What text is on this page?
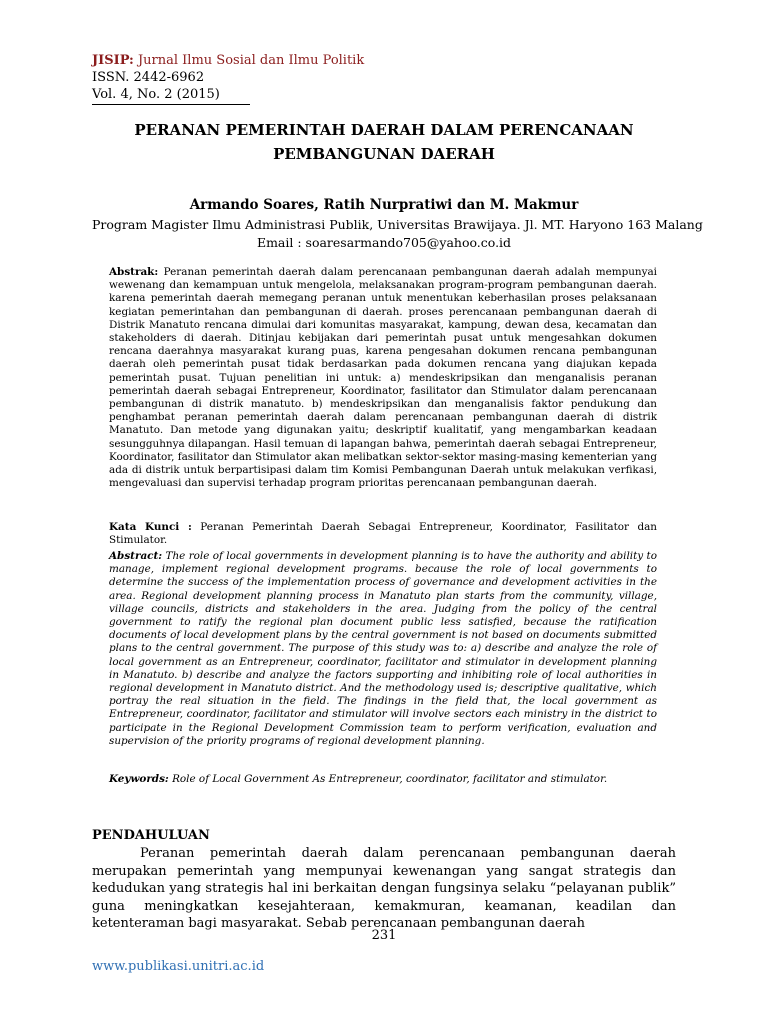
JISIP: Jurnal Ilmu Sosial dan Ilmu Politik
ISSN. 2442-6962
Vol. 4, No. 2 (2015)
PERANAN PEMERINTAH DAERAH DALAM PERENCANAAN PEMBANGUNAN DAERAH
Armando Soares, Ratih Nurpratiwi dan M. Makmur
Program Magister Ilmu Administrasi Publik, Universitas Brawijaya. Jl. MT. Haryono 163 Malang
Email : soaresarmando705@yahoo.co.id
Abstrak: Peranan pemerintah daerah dalam perencanaan pembangunan daerah adalah mempunyai wewenang dan kemampuan untuk mengelola, melaksanakan program-program pembangunan daerah. karena pemerintah daerah memegang peranan untuk menentukan keberhasilan proses pelaksanaan kegiatan pemerintahan dan pembangunan di daerah. proses perencanaan pembangunan daerah di Distrik Manatuto rencana dimulai dari komunitas masyarakat, kampung, dewan desa, kecamatan dan stakeholders di daerah. Ditinjau kebijakan dari pemerintah pusat untuk mengesahkan dokumen rencana daerahnya masyarakat kurang puas, karena pengesahan dokumen rencana pembangunan daerah oleh pemerintah pusat tidak berdasarkan pada dokumen rencana yang diajukan kepada pemerintah pusat. Tujuan penelitian ini untuk: a) mendeskripsikan dan menganalisis peranan pemerintah daerah sebagai Entrepreneur, Koordinator, fasilitator dan Stimulator dalam perencanaan pembangunan di distrik manatuto. b) mendeskripsikan dan menganalisis faktor pendukung dan penghambat peranan pemerintah daerah dalam perencanaan pembangunan daerah di distrik Manatuto. Dan metode yang digunakan yaitu; deskriptif kualitatif, yang mengambarkan keadaan sesungguhnya dilapangan. Hasil temuan di lapangan bahwa, pemerintah daerah sebagai Entrepreneur, Koordinator, fasilitator dan Stimulator akan melibatkan sektor-sektor masing-masing kementerian yang ada di distrik untuk berpartisipasi dalam tim Komisi Pembangunan Daerah untuk melakukan verfikasi, mengevaluasi dan supervisi terhadap program prioritas perencanaan pembangunan daerah.
Kata Kunci : Peranan Pemerintah Daerah Sebagai Entrepreneur, Koordinator, Fasilitator dan Stimulator.
Abstract: The role of local governments in development planning is to have the authority and ability to manage, implement regional development programs. because the role of local governments to determine the success of the implementation process of governance and development activities in the area. Regional development planning process in Manatuto plan starts from the community, village, village councils, districts and stakeholders in the area. Judging from the policy of the central government to ratify the regional plan document public less satisfied, because the ratification documents of local development plans by the central government is not based on documents submitted plans to the central government. The purpose of this study was to: a) describe and analyze the role of local government as an Entrepreneur, coordinator, facilitator and stimulator in development planning in Manatuto. b) describe and analyze the factors supporting and inhibiting role of local authorities in regional development in Manatuto district. And the methodology used is; descriptive qualitative, which portray the real situation in the field. The findings in the field that, the local government as Entrepreneur, coordinator, facilitator and stimulator will involve sectors each ministry in the district to participate in the Regional Development Commission team to perform verification, evaluation and supervision of the priority programs of regional development planning.
Keywords: Role of Local Government As Entrepreneur, coordinator, facilitator and stimulator.
PENDAHULUAN
Peranan pemerintah daerah dalam perencanaan pembangunan daerah merupakan pemerintah yang mempunyai kewenangan yang sangat strategis dan kedudukan yang strategis hal ini berkaitan dengan fungsinya selaku “pelayanan publik” guna meningkatkan kesejahteraan, kemakmuran, keamanan, keadilan dan ketenteraman bagi masyarakat. Sebab perencanaan pembangunan daerah
231
www.publikasi.unitri.ac.id
